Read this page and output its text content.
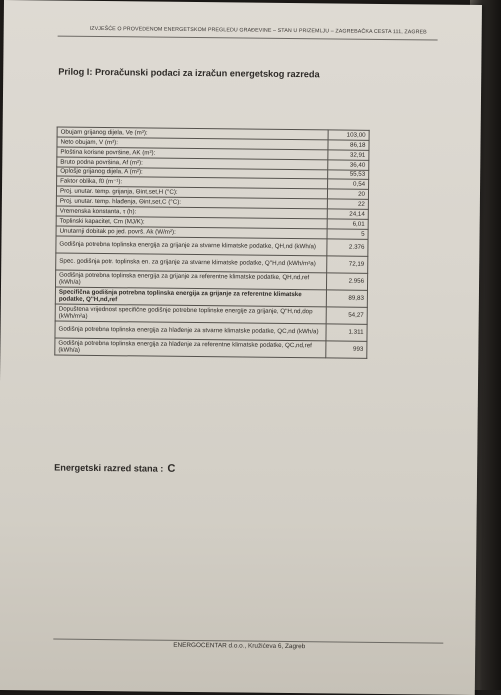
IZVJEŠĆE O PROVEDENOM ENERGETSKOM PREGLEDU GRAĐEVINE – STAN U PRIZEMLJU – ZAGREBAČKA CESTA 111, ZAGREB
Prilog I: Proračunski podaci za izračun energetskog razreda
Obujam grijanog dijela, Ve (m³):	103,00
Neto obujam, V (m³):	86,18
Ploština korisne površine, AK (m²):	32,91
Bruto podna površina, Af (m²):	36,40
Oplošje grijanog dijela, A (m²):	55,53
Faktor oblika, f0 (m⁻¹):	0,54
Proj. unutar. temp. grijanja, Θint,set,H (°C):	20
Proj. unutar. temp. hlađenja, Θint,set,C (°C):	22
Vremenska konstanta, τ (h):	24,14
Toplinski kapacitet, Cm (MJ/K):	6,01
Unutarnji dobitak po jed. površ. Ak (W/m²):	5
Godišnja potrebna toplinska energija za grijanje za stvarne klimatske podatke, QH,nd (kWh/a)	2.376
Spec. godišnja potr. toplinska en. za grijanje za stvarne klimatske podatke, Q''H,nd (kWh/m²a)	72,19
Godišnja potrebna toplinska energija za grijanje za referentne klimatske podatke, QH,nd,ref (kWh/a)	2.956
Specifična godišnja potrebna toplinska energija za grijanje za referentne klimatske podatke, Q''H,nd,ref	89,83
Dopuštena vrijednost specifične godišnje potrebne toplinske energije za grijanje, Q''H,nd,dop (kWh/m²a)	54,27
Godišnja potrebna toplinska energija za hlađenje za stvarne klimatske podatke, QC,nd (kWh/a)	1.311
Godišnja potrebna toplinska energija za hlađenje za referentne klimatske podatke, QC,nd,ref (kWh/a)	993
Energetski razred stana : C
ENERGOCENTAR d.o.o., Kružićeva 6, Zagreb
